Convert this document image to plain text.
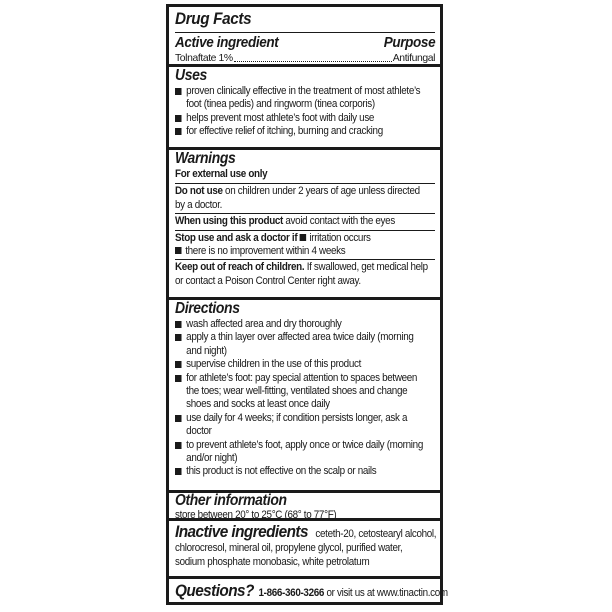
Drug Facts
Active ingredient	Purpose
Tolnaftate 1%	Antifungal
Uses
proven clinically effective in the treatment of most athlete’s
foot (tinea pedis) and ringworm (tinea corporis)
helps prevent most athlete’s foot with daily use
for effective relief of itching, burning and cracking
Warnings
For external use only
Do not use on children under 2 years of age unless directed
by a doctor.
When using this product avoid contact with the eyes
Stop use and ask a doctor if irritation occurs
there is no improvement within 4 weeks
Keep out of reach of children. If swallowed, get medical help
or contact a Poison Control Center right away.
Directions
wash affected area and dry thoroughly
apply a thin layer over affected area twice daily (morning
and night)
supervise children in the use of this product
for athlete’s foot: pay special attention to spaces between
the toes; wear well-fitting, ventilated shoes and change
shoes and socks at least once daily
use daily for 4 weeks; if condition persists longer, ask a
doctor
to prevent athlete’s foot, apply once or twice daily (morning
and/or night)
this product is not effective on the scalp or nails
Other information
store between 20° to 25°C (68° to 77°F)
Inactive ingredients ceteth-20, cetostearyl alcohol,
chlorocresol, mineral oil, propylene glycol, purified water,
sodium phosphate monobasic, white petrolatum
Questions? 1-866-360-3266 or visit us at www.tinactin.com
